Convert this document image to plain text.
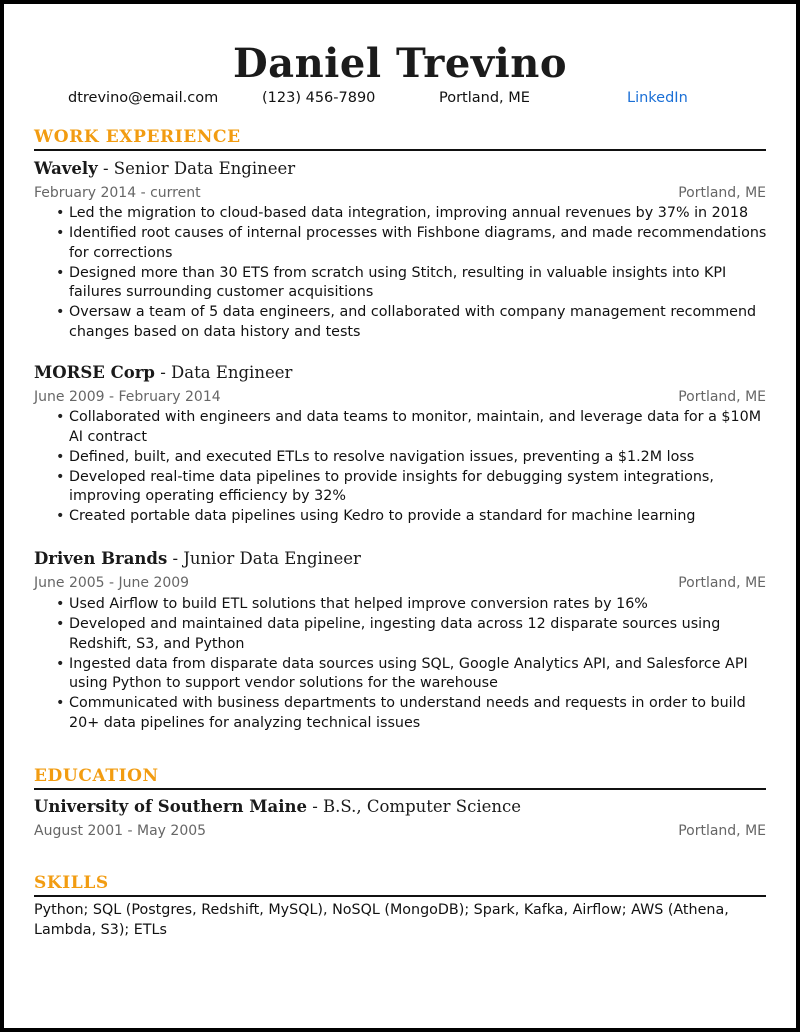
Daniel Trevino
dtrevino@email.com	(123) 456-7890	Portland, ME	LinkedIn
WORK EXPERIENCE
Wavely - Senior Data Engineer
February 2014 - current	Portland, ME
• Led the migration to cloud-based data integration, improving annual revenues by 37% in 2018
• Identified root causes of internal processes with Fishbone diagrams, and made recommendations for corrections
• Designed more than 30 ETS from scratch using Stitch, resulting in valuable insights into KPI failures surrounding customer acquisitions
• Oversaw a team of 5 data engineers, and collaborated with company management recommend changes based on data history and tests
MORSE Corp - Data Engineer
June 2009 - February 2014	Portland, ME
• Collaborated with engineers and data teams to monitor, maintain, and leverage data for a $10M AI contract
• Defined, built, and executed ETLs to resolve navigation issues, preventing a $1.2M loss
• Developed real-time data pipelines to provide insights for debugging system integrations, improving operating efficiency by 32%
• Created portable data pipelines using Kedro to provide a standard for machine learning
Driven Brands - Junior Data Engineer
June 2005 - June 2009	Portland, ME
• Used Airflow to build ETL solutions that helped improve conversion rates by 16%
• Developed and maintained data pipeline, ingesting data across 12 disparate sources using Redshift, S3, and Python
• Ingested data from disparate data sources using SQL, Google Analytics API, and Salesforce API using Python to support vendor solutions for the warehouse
• Communicated with business departments to understand needs and requests in order to build 20+ data pipelines for analyzing technical issues
EDUCATION
University of Southern Maine - B.S., Computer Science
August 2001 - May 2005	Portland, ME
SKILLS
Python; SQL (Postgres, Redshift, MySQL), NoSQL (MongoDB); Spark, Kafka, Airflow; AWS (Athena, Lambda, S3); ETLs
